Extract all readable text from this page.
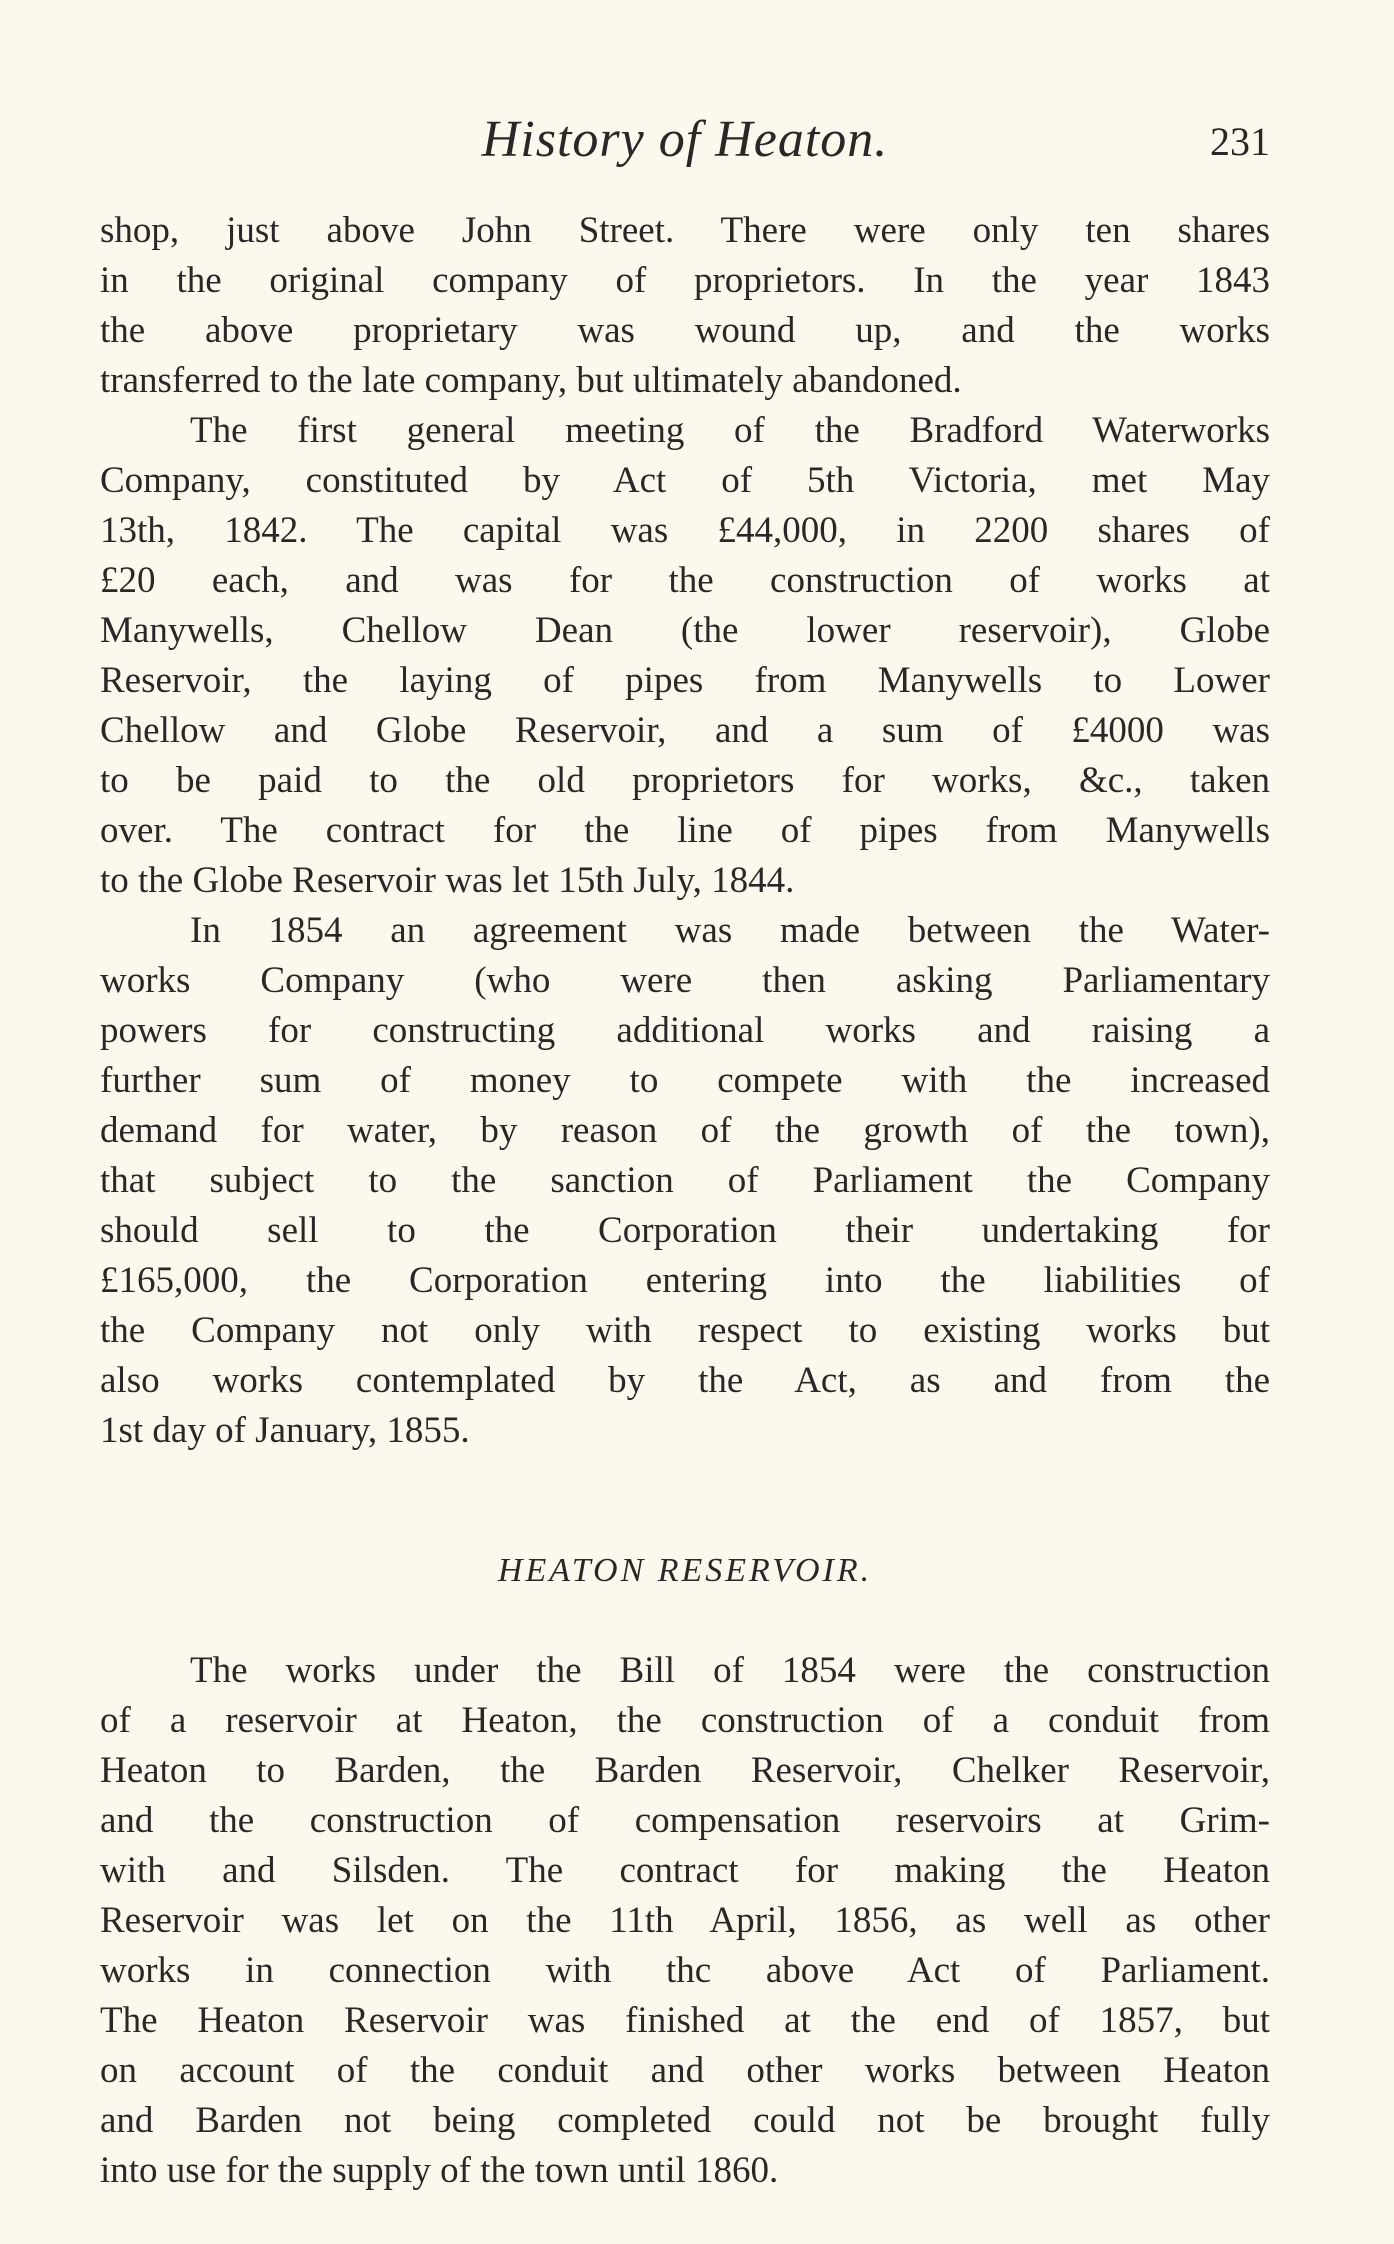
History of Heaton.	231
shop, just above John Street. There were only ten shares
in the original company of proprietors. In the year 1843
the above proprietary was wound up, and the works
transferred to the late company, but ultimately abandoned.
The first general meeting of the Bradford Waterworks
Company, constituted by Act of 5th Victoria, met May
13th, 1842. The capital was £44,000, in 2200 shares of
£20 each, and was for the construction of works at
Manywells, Chellow Dean (the lower reservoir), Globe
Reservoir, the laying of pipes from Manywells to Lower
Chellow and Globe Reservoir, and a sum of £4000 was
to be paid to the old proprietors for works, &c., taken
over. The contract for the line of pipes from Manywells
to the Globe Reservoir was let 15th July, 1844.
In 1854 an agreement was made between the Water-
works Company (who were then asking Parliamentary
powers for constructing additional works and raising a
further sum of money to compete with the increased
demand for water, by reason of the growth of the town),
that subject to the sanction of Parliament the Company
should sell to the Corporation their undertaking for
£165,000, the Corporation entering into the liabilities of
the Company not only with respect to existing works but
also works contemplated by the Act, as and from the
1st day of January, 1855.
HEATON RESERVOIR.
The works under the Bill of 1854 were the construction
of a reservoir at Heaton, the construction of a conduit from
Heaton to Barden, the Barden Reservoir, Chelker Reservoir,
and the construction of compensation reservoirs at Grim-
with and Silsden. The contract for making the Heaton
Reservoir was let on the 11th April, 1856, as well as other
works in connection with thc above Act of Parliament.
The Heaton Reservoir was finished at the end of 1857, but
on account of the conduit and other works between Heaton
and Barden not being completed could not be brought fully
into use for the supply of the town until 1860.
